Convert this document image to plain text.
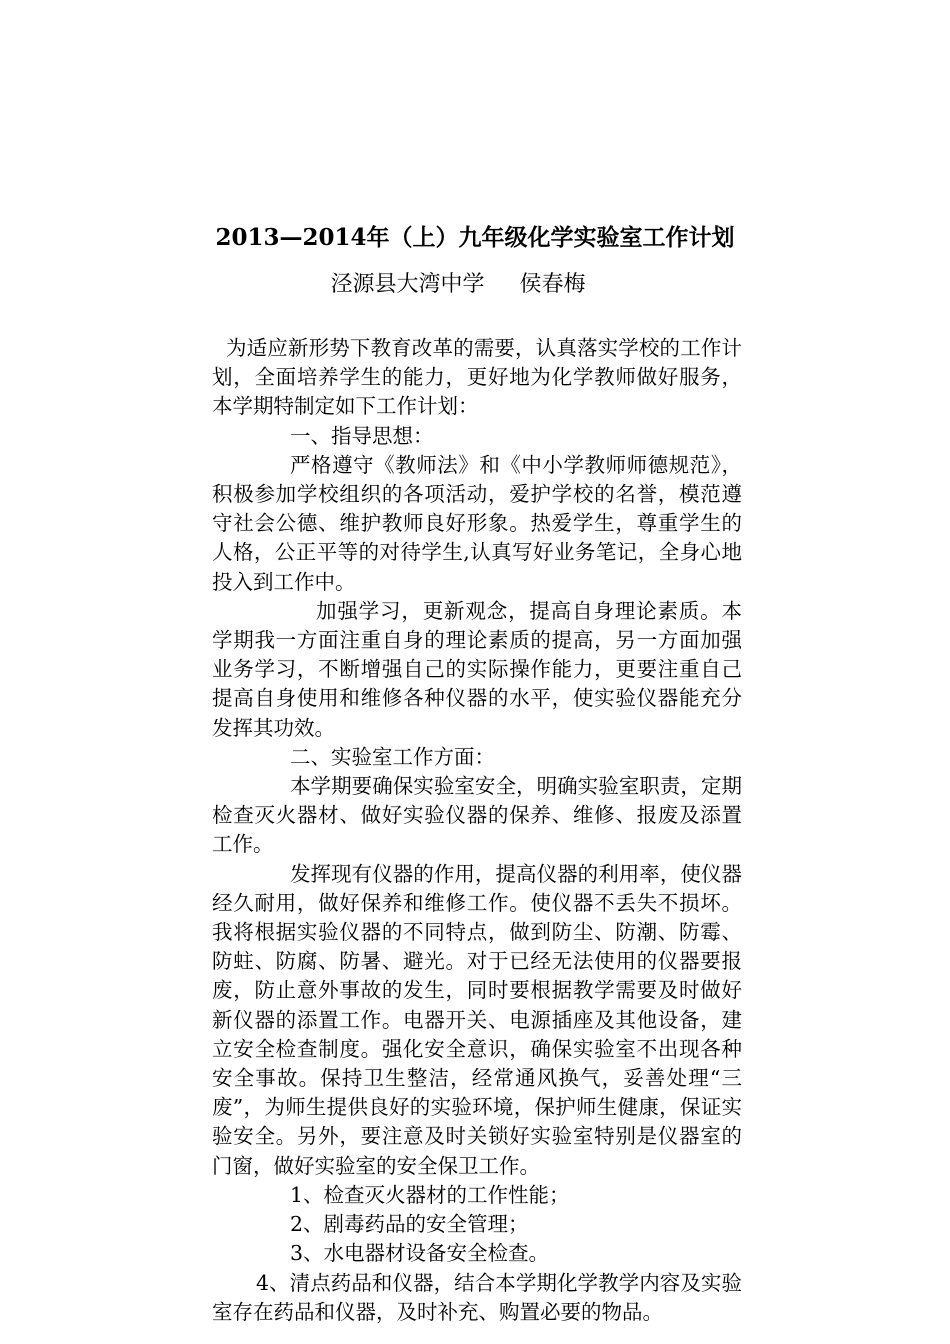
2013—2014年（上）九年级化学实验室工作计划
泾源县大湾中学     侯春梅

为适应新形势下教育改革的需要，认真落实学校的工作计划，全面培养学生的能力，更好地为化学教师做好服务，本学期特制定如下工作计划：

一、指导思想：

严格遵守《教师法》和《中小学教师师德规范》，积极参加学校组织的各项活动，爱护学校的名誉，模范遵守社会公德、维护教师良好形象。热爱学生，尊重学生的人格，公正平等的对待学生,认真写好业务笔记，全身心地投入到工作中。

加强学习，更新观念，提高自身理论素质。本学期我一方面注重自身的理论素质的提高，另一方面加强业务学习，不断增强自己的实际操作能力，更要注重自己提高自身使用和维修各种仪器的水平，使实验仪器能充分发挥其功效。

二、实验室工作方面：

本学期要确保实验室安全，明确实验室职责，定期检查灭火器材、做好实验仪器的保养、维修、报废及添置工作。

发挥现有仪器的作用，提高仪器的利用率，使仪器经久耐用，做好保养和维修工作。使仪器不丢失不损坏。我将根据实验仪器的不同特点，做到防尘、防潮、防霉、防蛀、防腐、防暑、避光。对于已经无法使用的仪器要报废，防止意外事故的发生，同时要根据教学需要及时做好新仪器的添置工作。电器开关、电源插座及其他设备，建立安全检查制度。强化安全意识，确保实验室不出现各种安全事故。保持卫生整洁，经常通风换气，妥善处理“三废”，为师生提供良好的实验环境，保护师生健康，保证实验安全。另外，要注意及时关锁好实验室特别是仪器室的门窗，做好实验室的安全保卫工作。

1、检查灭火器材的工作性能；

2、剧毒药品的安全管理；

3、水电器材设备安全检查。

4、清点药品和仪器，结合本学期化学教学内容及实验室存在药品和仪器，及时补充、购置必要的物品。
